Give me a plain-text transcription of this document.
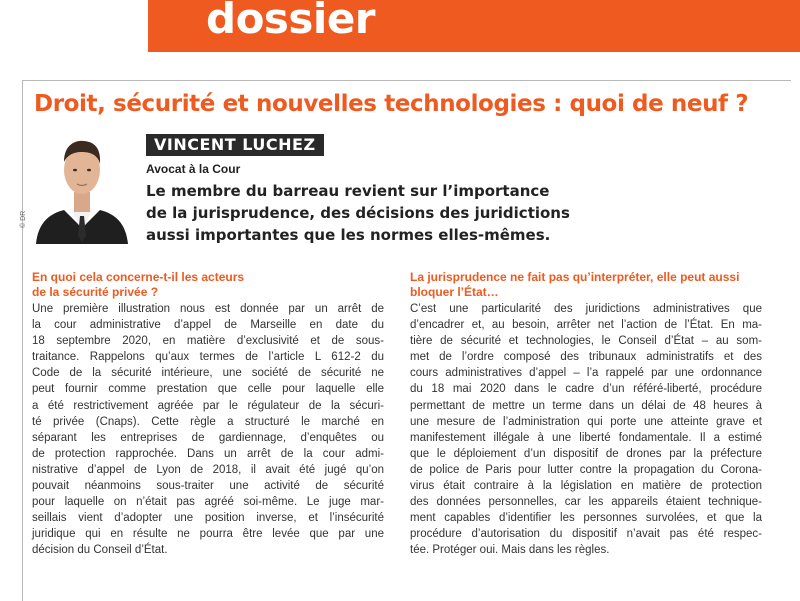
dossier
Droit, sécurité et nouvelles technologies : quoi de neuf ?
© DR
VINCENT LUCHEZ
Avocat à la Cour
Le membre du barreau revient sur l’importance
de la jurisprudence, des décisions des juridictions
aussi importantes que les normes elles-mêmes.

En quoi cela concerne-t-il les acteurs
de la sécurité privée ?

Une première illustration nous est donnée par un arrêt de
la cour administrative d’appel de Marseille en date du
18 septembre 2020, en matière d’exclusivité et de sous-
traitance. Rappelons qu’aux termes de l’article L 612-2 du
Code de la sécurité intérieure, une société de sécurité ne
peut fournir comme prestation que celle pour laquelle elle
a été restrictivement agréée par le régulateur de la sécuri-
té privée (Cnaps). Cette règle a structuré le marché en
séparant les entreprises de gardiennage, d’enquêtes ou
de protection rapprochée. Dans un arrêt de la cour admi-
nistrative d’appel de Lyon de 2018, il avait été jugé qu’on
pouvait néanmoins sous-traiter une activité de sécurité
pour laquelle on n’était pas agréé soi-même. Le juge mar-
seillais vient d’adopter une position inverse, et l’insécurité
juridique qui en résulte ne pourra être levée que par une
décision du Conseil d’État.

La jurisprudence ne fait pas qu’interpréter, elle peut aussi
bloquer l’État…

C’est une particularité des juridictions administratives que
d’encadrer et, au besoin, arrêter net l’action de l’État. En ma-
tière de sécurité et technologies, le Conseil d’État – au som-
met de l’ordre composé des tribunaux administratifs et des
cours administratives d’appel – l’a rappelé par une ordonnance
du 18 mai 2020 dans le cadre d’un référé-liberté, procédure
permettant de mettre un terme dans un délai de 48 heures à
une mesure de l’administration qui porte une atteinte grave et
manifestement illégale à une liberté fondamentale. Il a estimé
que le déploiement d’un dispositif de drones par la préfecture
de police de Paris pour lutter contre la propagation du Corona-
virus était contraire à la législation en matière de protection
des données personnelles, car les appareils étaient technique-
ment capables d’identifier les personnes survolées, et que la
procédure d’autorisation du dispositif n’avait pas été respec-
tée. Protéger oui. Mais dans les règles.
